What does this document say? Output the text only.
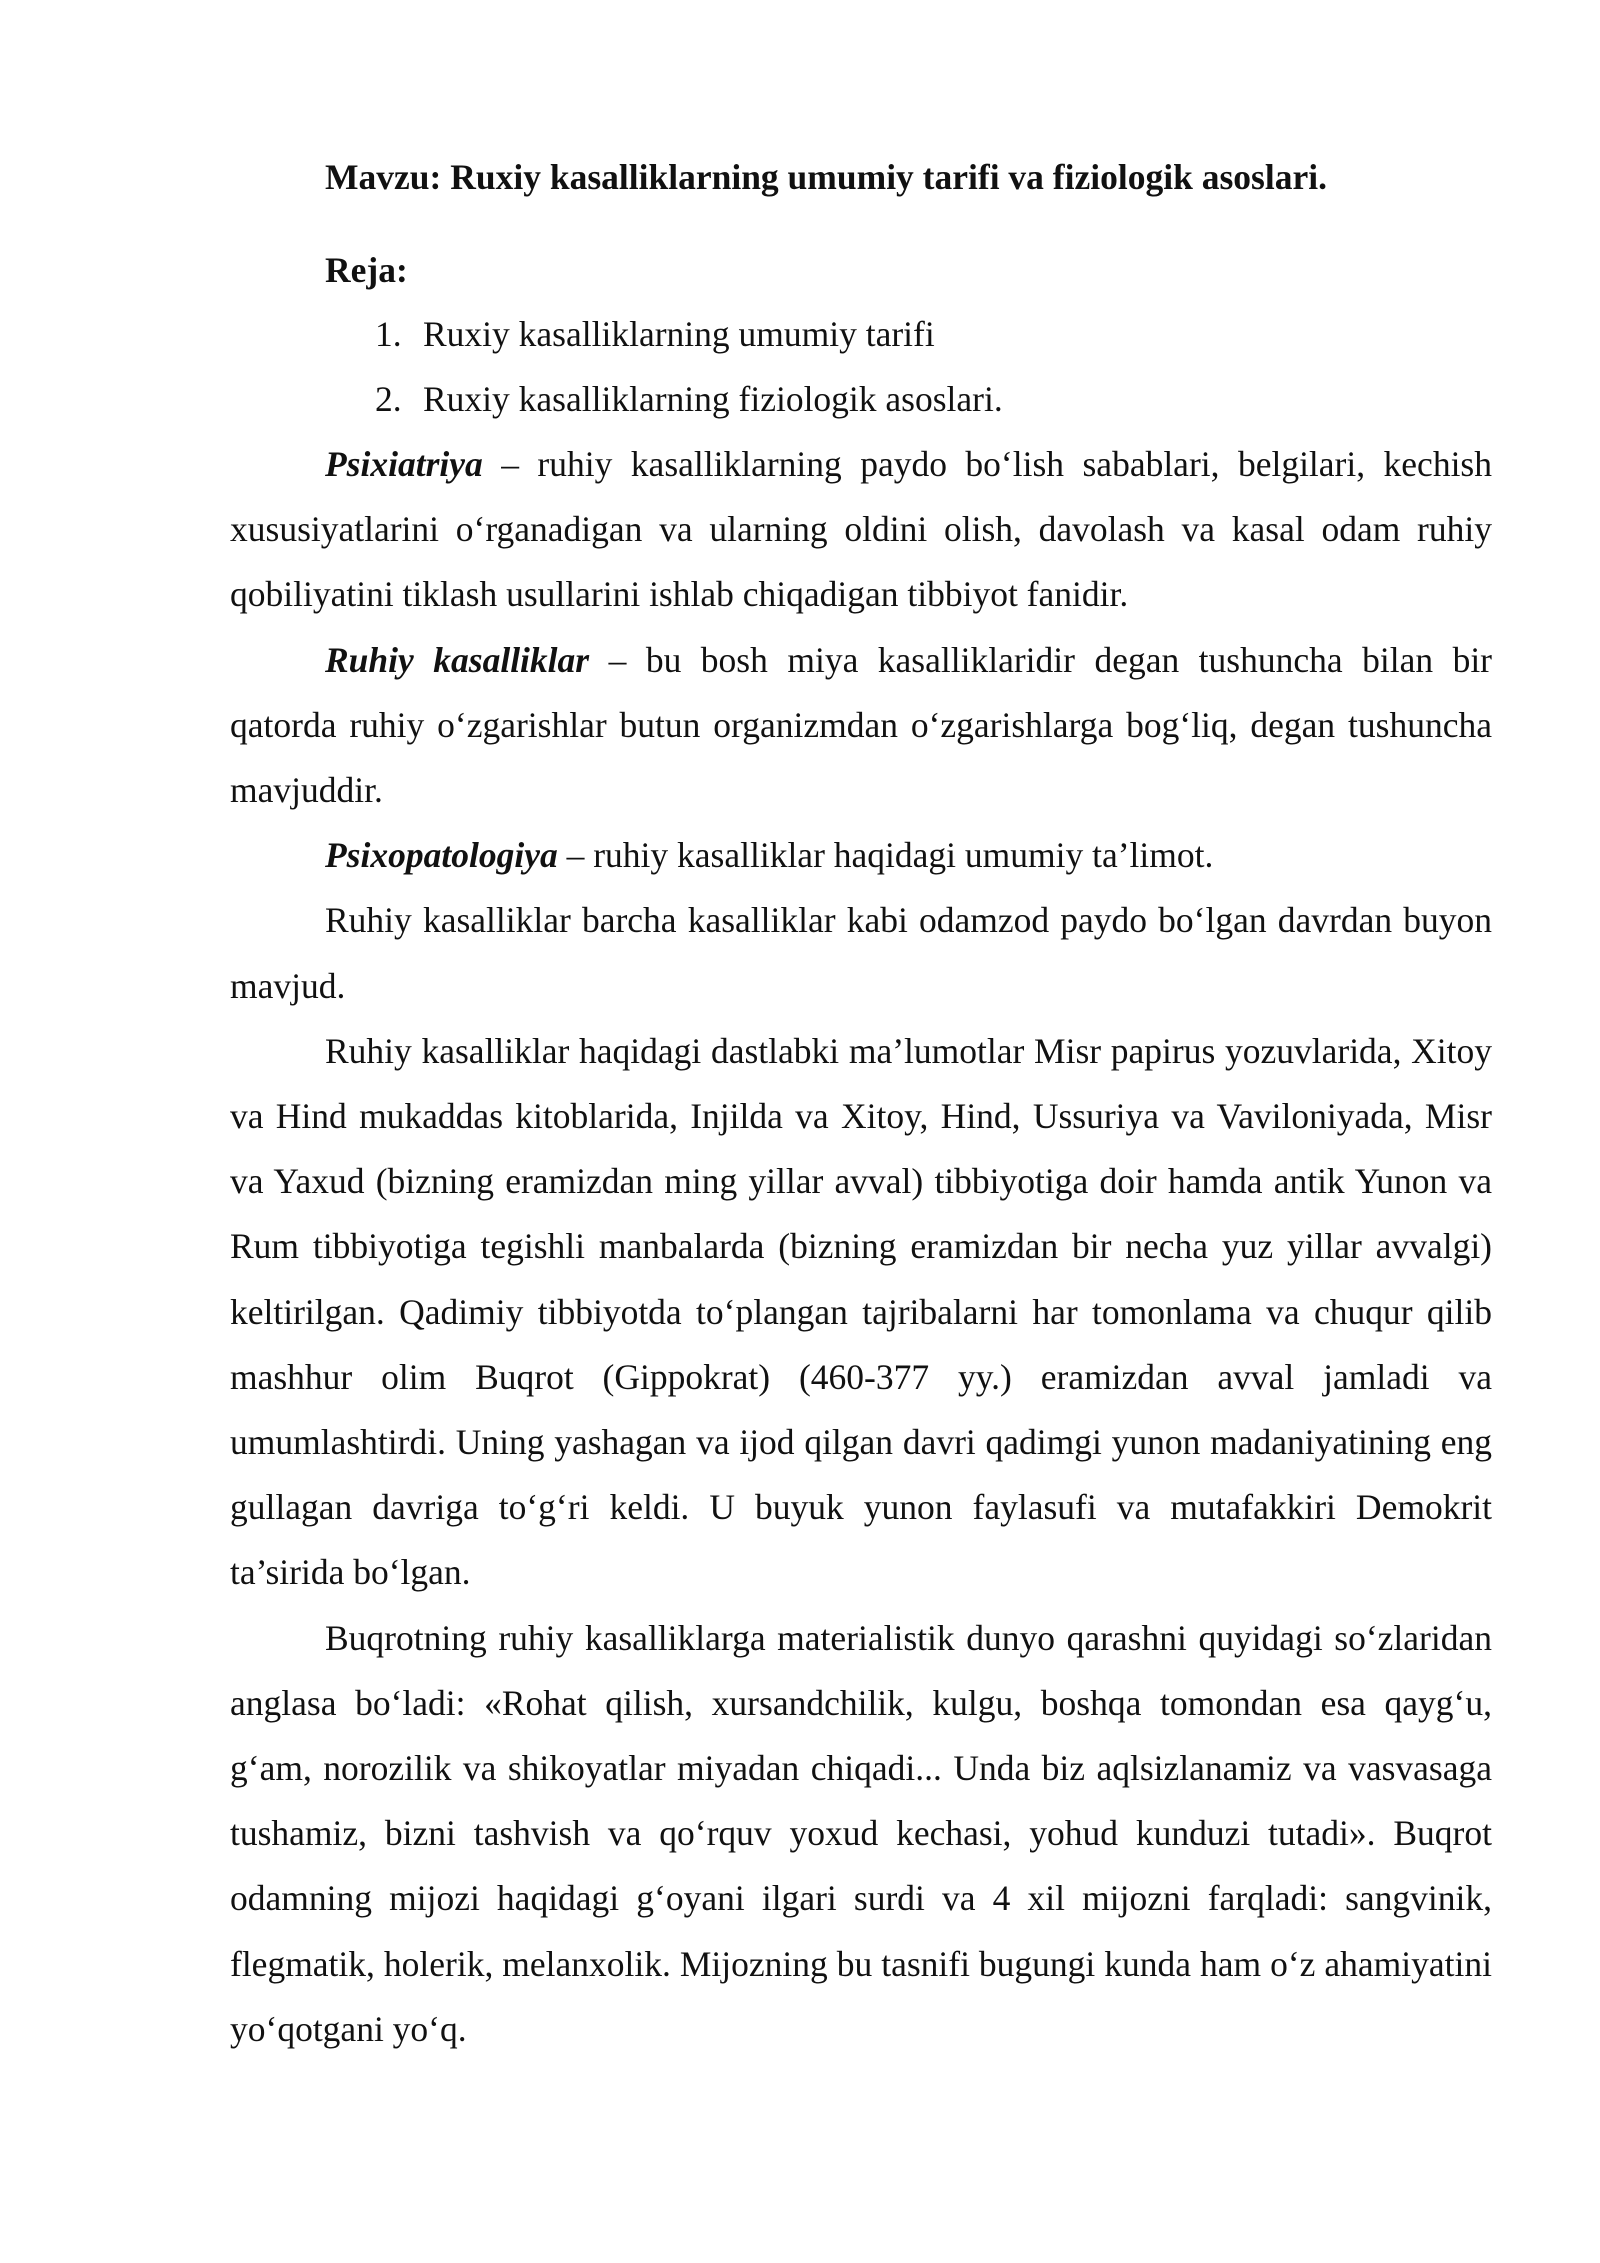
Mavzu: Ruxiy kasalliklarning umumiy tarifi va fiziologik asoslari.

Reja:

1. Ruxiy kasalliklarning umumiy tarifi
2. Ruxiy kasalliklarning fiziologik asoslari.

Psixiatriya – ruhiy kasalliklarning paydo boʻlish sabablari, belgilari, kechish xususiyatlarini oʻrganadigan va ularning oldini olish, davolash va kasal odam ruhiy qobiliyatini tiklash usullarini ishlab chiqadigan tibbiyot fanidir.

Ruhiy kasalliklar – bu bosh miya kasalliklaridir degan tushuncha bilan bir qatorda ruhiy oʻzgarishlar butun organizmdan oʻzgarishlarga bogʻliq, degan tushuncha mavjuddir.

Psixopatologiya – ruhiy kasalliklar haqidagi umumiy ta’limot.

Ruhiy kasalliklar barcha kasalliklar kabi odamzod paydo boʻlgan davrdan buyon mavjud.

Ruhiy kasalliklar haqidagi dastlabki ma’lumotlar Misr papirus yozuvlarida, Xitoy va Hind mukaddas kitoblarida, Injilda va Xitoy, Hind, Ussuriya va Vaviloniyada, Misr va Yaxud (bizning eramizdan ming yillar avval) tibbiyotiga doir hamda antik Yunon va Rum tibbiyotiga tegishli manbalarda (bizning eramizdan bir necha yuz yillar avvalgi) keltirilgan. Qadimiy tibbiyotda toʻplangan tajribalarni har tomonlama va chuqur qilib mashhur olim Buqrot (Gippokrat) (460-377 yy.) eramizdan avval jamladi va umumlashtirdi. Uning yashagan va ijod qilgan davri qadimgi yunon madaniyatining eng gullagan davriga toʻgʻri keldi. U buyuk yunon faylasufi va mutafakkiri Demokrit ta’sirida boʻlgan.

Buqrotning ruhiy kasalliklarga materialistik dunyo qarashni quyidagi soʻzlaridan anglasa boʻladi: «Rohat qilish, xursandchilik, kulgu, boshqa tomondan esa qaygʻu, gʻam, norozilik va shikoyatlar miyadan chiqadi... Unda biz aqlsizlanamiz va vasvasaga tushamiz, bizni tashvish va qoʻrquv yoxud kechasi, yohud kunduzi tutadi». Buqrot odamning mijozi haqidagi gʻoyani ilgari surdi va 4 xil mijozni farqladi: sangvinik, flegmatik, holerik, melanxolik. Mijozning bu tasnifi bugungi kunda ham oʻz ahamiyatini yoʻqotgani yoʻq.
